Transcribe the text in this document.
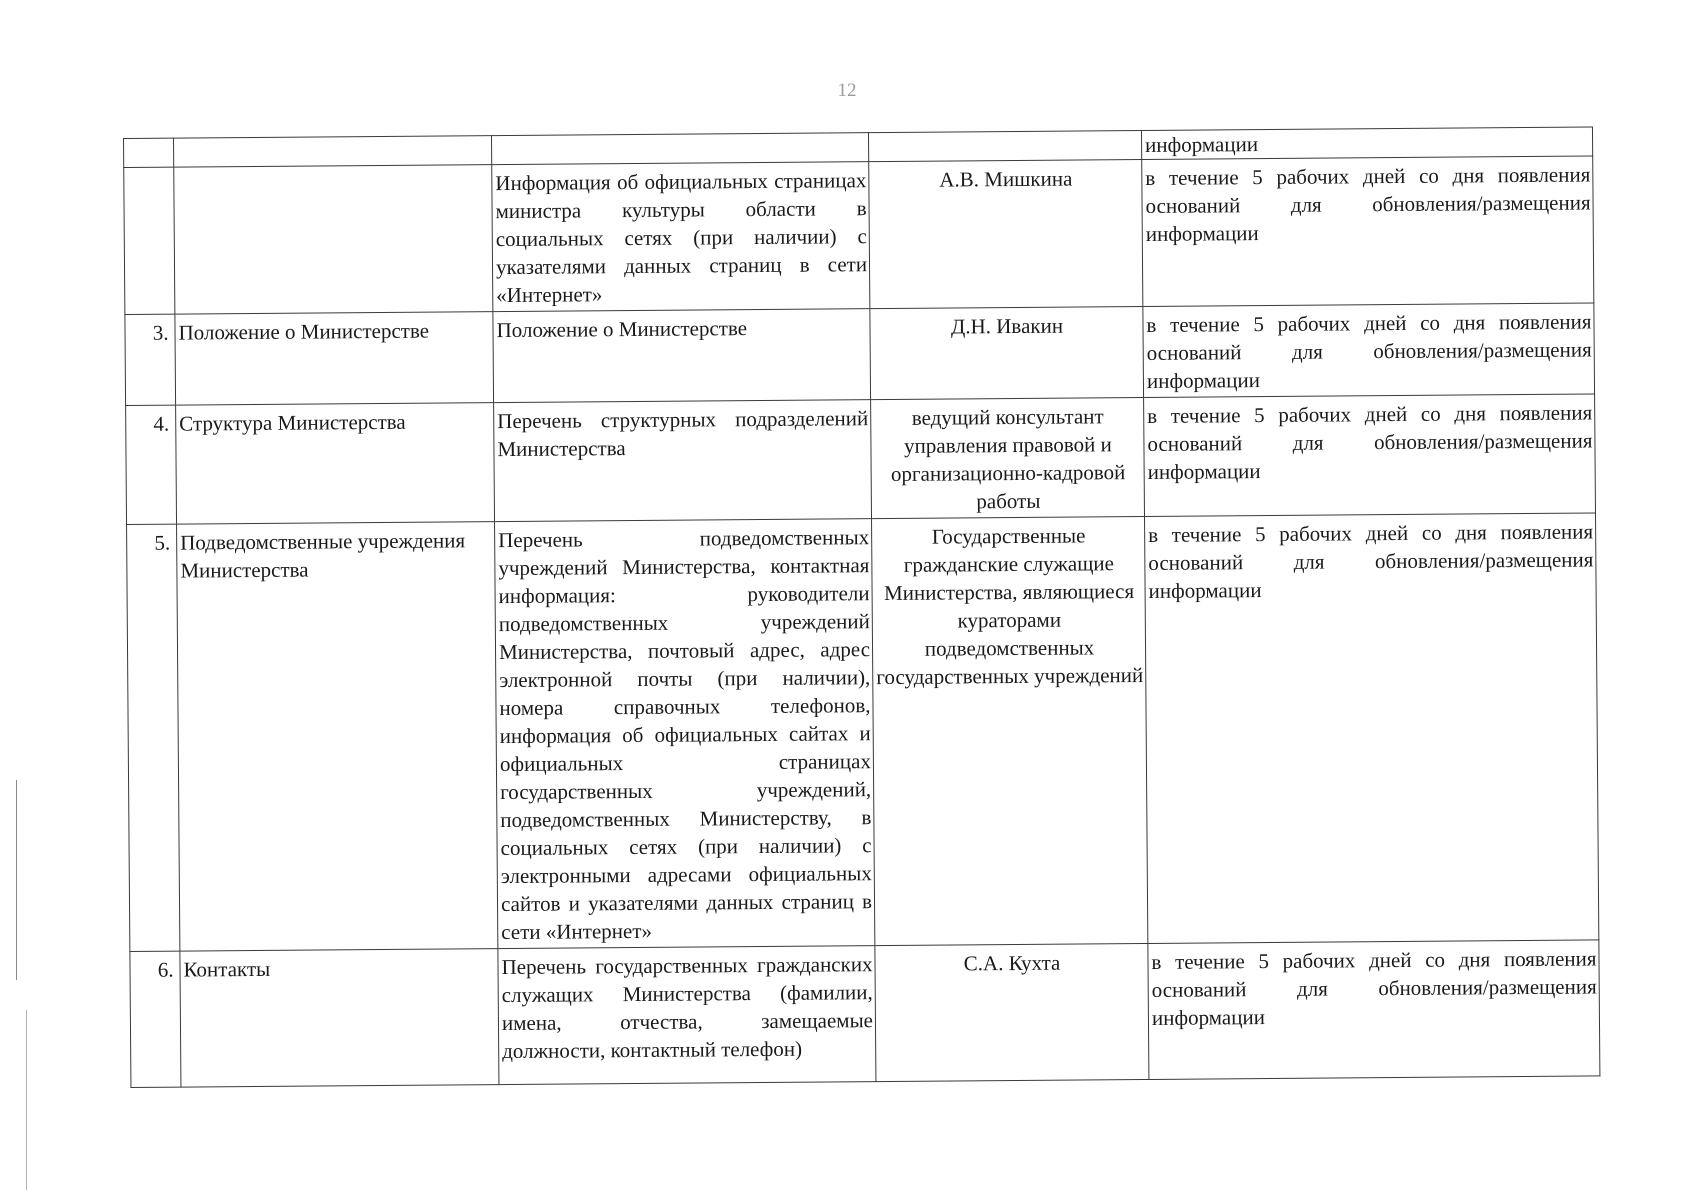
12
				информации
		Информация об официальных страницах министра культуры области в социальных сетях (при наличии) с указателями данных страниц в сети «Интернет»	А.В. Мишкина	в течение 5 рабочих дней со дня появления оснований для обновления/размещения информации
3.	Положение о Министерстве	Положение о Министерстве	Д.Н. Ивакин	в течение 5 рабочих дней со дня появления оснований для обновления/размещения информации
4.	Структура Министерства	Перечень структурных подразделений Министерства	ведущий консультант управления правовой и организационно-кадровой работы	в течение 5 рабочих дней со дня появления оснований для обновления/размещения информации
5.	Подведомственные учреждения Министерства	Перечень подведомственных учреждений Министерства, контактная информация: руководители подведомственных учреждений Министерства, почтовый адрес, адрес электронной почты (при наличии), номера справочных телефонов, информация об официальных сайтах и официальных страницах государственных учреждений, подведомственных Министерству, в социальных сетях (при наличии) с электронными адресами официальных сайтов и указателями данных страниц в сети «Интернет»	Государственные гражданские служащие Министерства, являющиеся кураторами подведомственных государственных учреждений	в течение 5 рабочих дней со дня появления оснований для обновления/размещения информации
6.	Контакты	Перечень государственных гражданских служащих Министерства (фамилии, имена, отчества, замещаемые должности, контактный телефон)	С.А. Кухта	в течение 5 рабочих дней со дня появления оснований для обновления/размещения информации
